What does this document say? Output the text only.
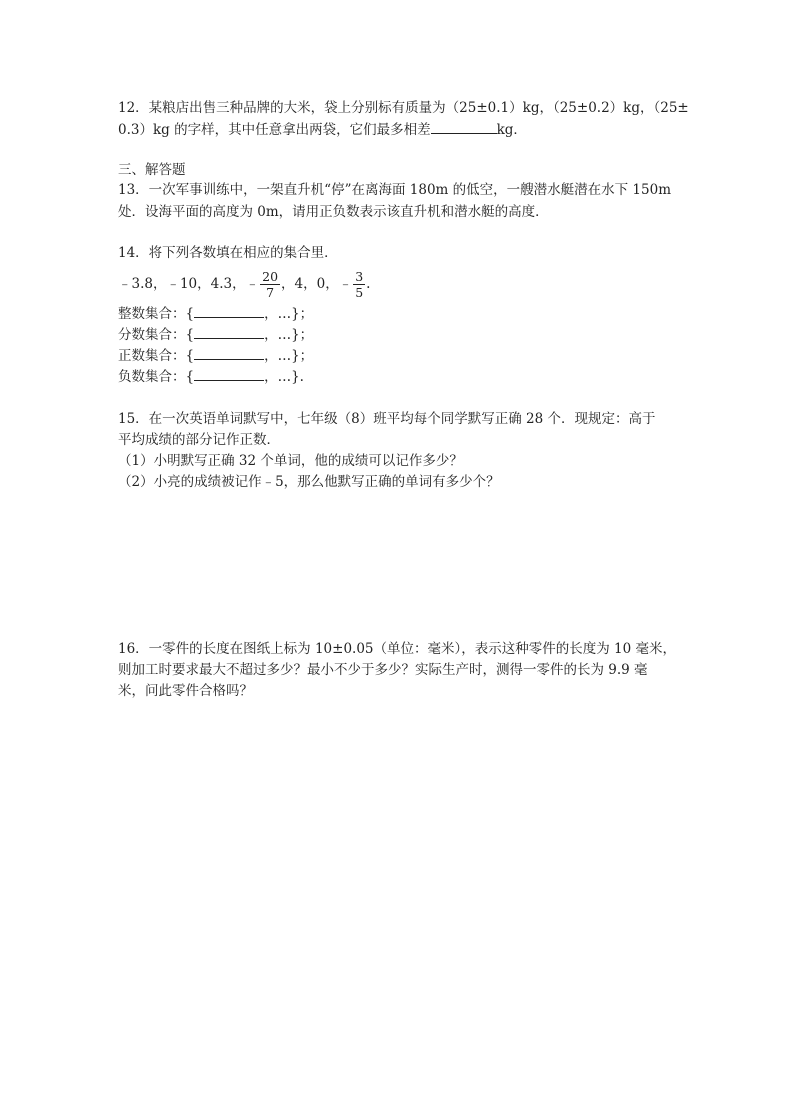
12．某粮店出售三种品牌的大米，袋上分别标有质量为（25±0.1）kg，（25±0.2）kg，（25±
0.3）kg 的字样，其中任意拿出两袋，它们最多相差	kg．
三、解答题
13．一次军事训练中，一架直升机“停”在离海面 180m 的低空，一艘潜水艇潜在水下 150m
处．设海平面的高度为 0m，请用正负数表示该直升机和潜水艇的高度．
14．将下列各数填在相应的集合里．
﹣3.8，﹣10，4.3，﹣ $\frac{20}{7}$ ，4，0，﹣ $\frac{3}{5}$ .
整数集合：{	，…}；
分数集合：{	，…}；
正数集合：{	，…}；
负数集合：{	，…}.
15．在一次英语单词默写中，七年级（8）班平均每个同学默写正确 28 个．现规定：高于
平均成绩的部分记作正数．
（1）小明默写正确 32 个单词，他的成绩可以记作多少？
（2）小亮的成绩被记作﹣5，那么他默写正确的单词有多少个？
16．一零件的长度在图纸上标为 10±0.05（单位：毫米），表示这种零件的长度为 10 毫米，
则加工时要求最大不超过多少？最小不少于多少？实际生产时，测得一零件的长为 9.9 毫
米，问此零件合格吗？
